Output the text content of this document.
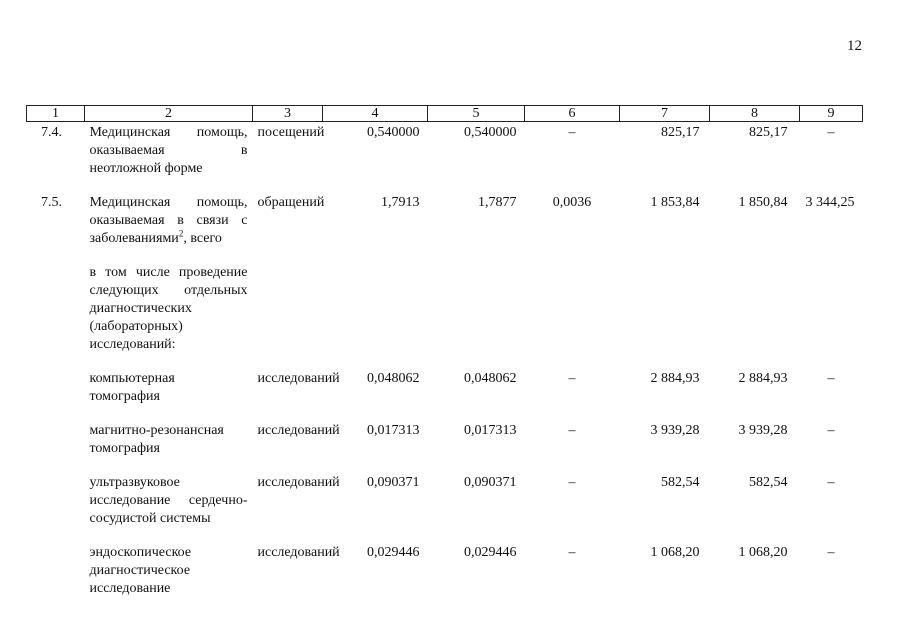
12
1	2	3	4	5	6	7	8	9
7.4.	Медицинская помощь, оказываемая в неотложной форме	посещений	0,540000	0,540000	–	825,17	825,17	–
7.5.	Медицинская помощь, оказываемая в связи с заболеваниями$^2$, всего	обращений	1,7913	1,7877	0,0036	1 853,84	1 850,84	3 344,25
	в том числе проведение следующих отдельных диагностических (лабораторных) исследований:							
	компьютерная томография	исследований	0,048062	0,048062	–	2 884,93	2 884,93	–
	магнитно-резонансная томография	исследований	0,017313	0,017313	–	3 939,28	3 939,28	–
	ультразвуковое исследование сердечно-сосудистой системы	исследований	0,090371	0,090371	–	582,54	582,54	–
	эндоскопическое диагностическое исследование	исследований	0,029446	0,029446	–	1 068,20	1 068,20	–
